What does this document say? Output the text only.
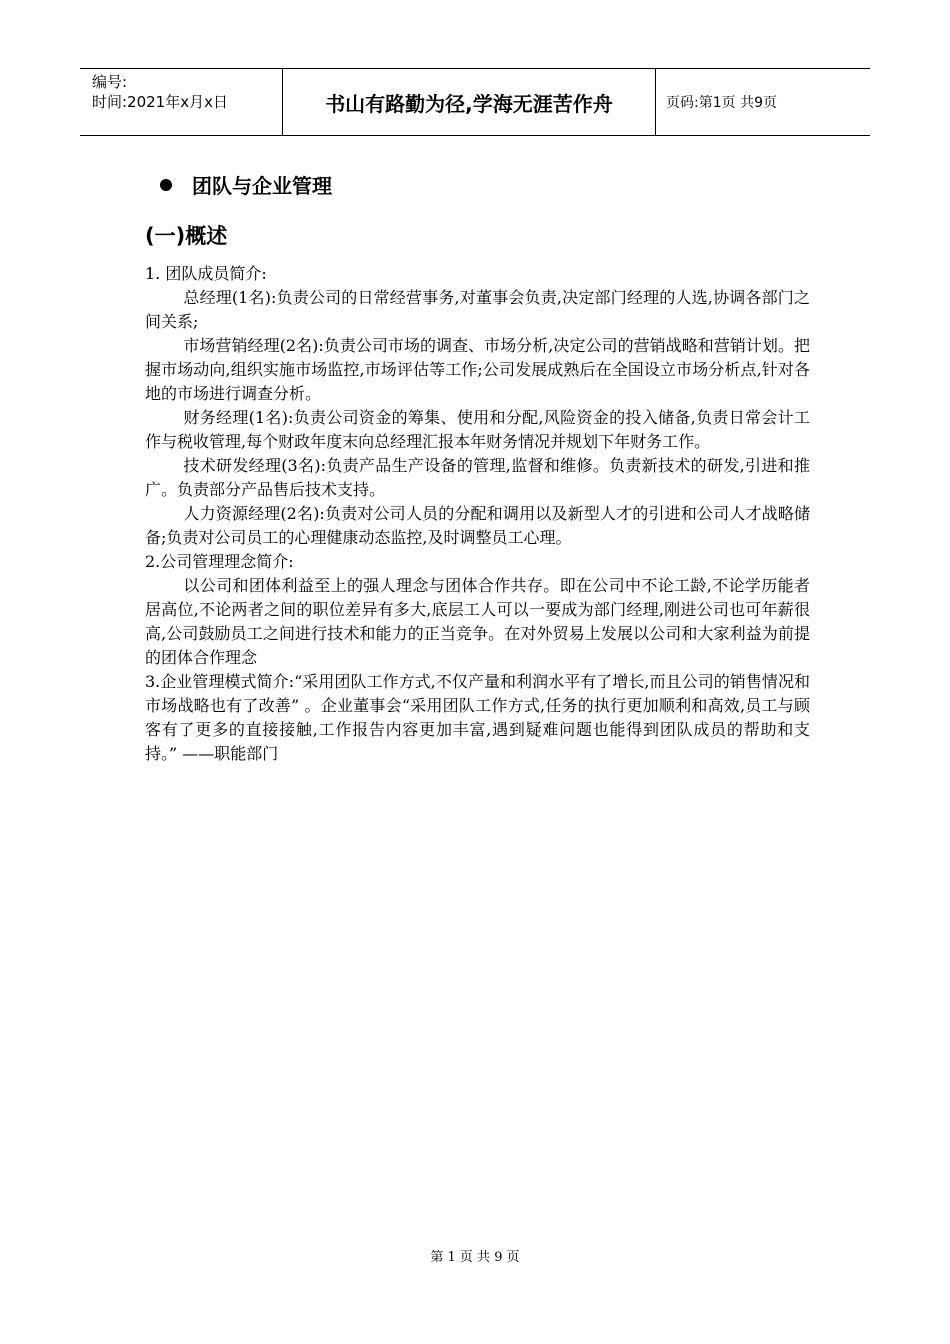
编号:
时间:2021年x月x日	书山有路勤为径,学海无涯苦作舟	页码:第1页 共9页
团队与企业管理
(一)概述

1. 团队成员简介:

总经理(1名):负责公司的日常经营事务,对董事会负责,决定部门经理的人选,协调各部门之间关系;

市场营销经理(2名):负责公司市场的调查、市场分析,决定公司的营销战略和营销计划。把握市场动向,组织实施市场监控,市场评估等工作;公司发展成熟后在全国设立市场分析点,针对各地的市场进行调查分析。

财务经理(1名):负责公司资金的筹集、使用和分配,风险资金的投入储备,负责日常会计工作与税收管理,每个财政年度末向总经理汇报本年财务情况并规划下年财务工作。

技术研发经理(3名):负责产品生产设备的管理,监督和维修。负责新技术的研发,引进和推广。负责部分产品售后技术支持。

人力资源经理(2名):负责对公司人员的分配和调用以及新型人才的引进和公司人才战略储备;负责对公司员工的心理健康动态监控,及时调整员工心理。

2.公司管理理念简介:

以公司和团体利益至上的强人理念与团体合作共存。即在公司中不论工龄,不论学历能者居高位,不论两者之间的职位差异有多大,底层工人可以一要成为部门经理,刚进公司也可年薪很高,公司鼓励员工之间进行技术和能力的正当竞争。在对外贸易上发展以公司和大家利益为前提的团体合作理念

3.企业管理模式简介:“采用团队工作方式,不仅产量和利润水平有了增长,而且公司的销售情况和市场战略也有了改善” 。企业董事会“采用团队工作方式,任务的执行更加顺利和高效,员工与顾客有了更多的直接接触,工作报告内容更加丰富,遇到疑难问题也能得到团队成员的帮助和支持。” ——职能部门

第 1 页 共 9 页
